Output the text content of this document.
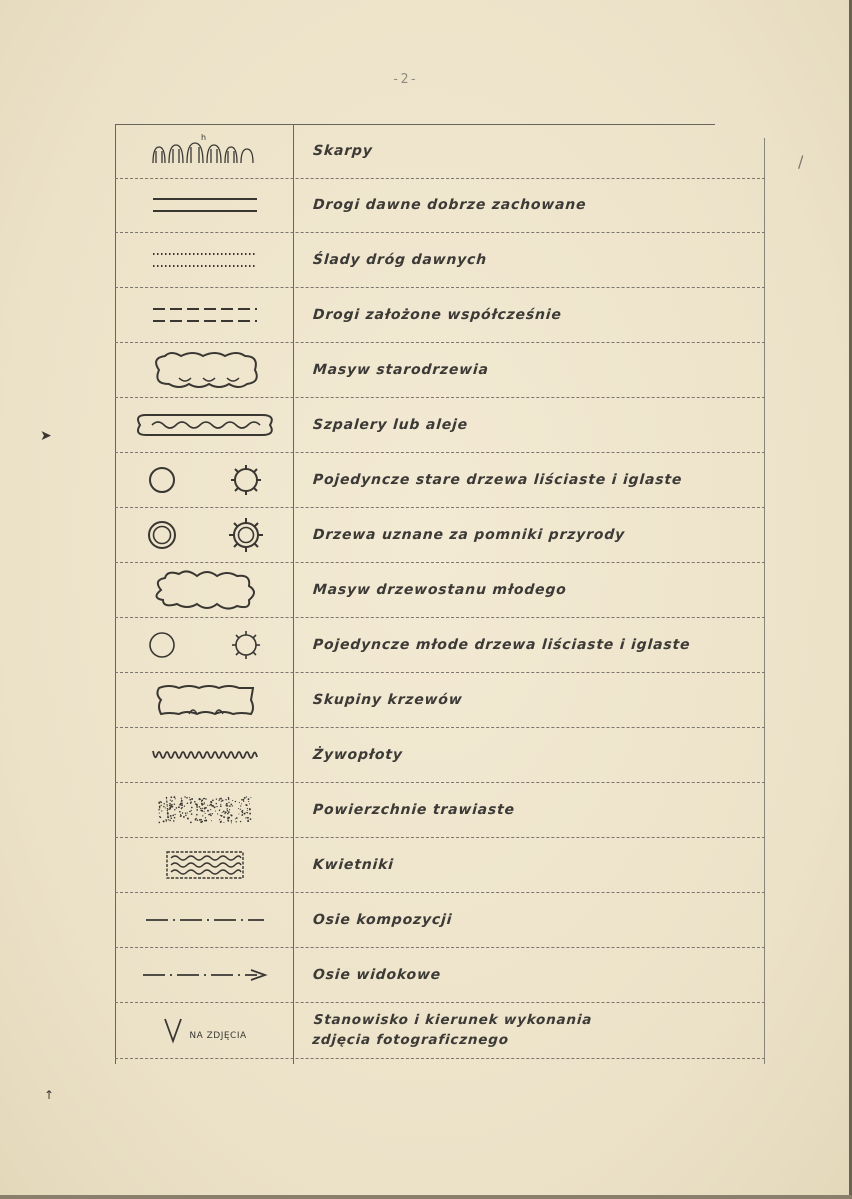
-2-
h
Skarpy
Drogi dawne dobrze zachowane
Ślady dróg dawnych
Drogi założone współcześnie
Masyw starodrzewia
Szpalery lub aleje
Pojedyncze stare drzewa liściaste i iglaste
Drzewa uznane za pomniki przyrody
Masyw drzewostanu młodego
Pojedyncze młode drzewa liściaste i iglaste
Skupiny krzewów
Żywopłoty
Powierzchnie trawiaste
Kwietniki
Osie kompozycji
Osie widokowe
NA ZDJĘCIA
Stanowisko i kierunek wykonania
zdjęcia fotograficznego
➤
↑
/
